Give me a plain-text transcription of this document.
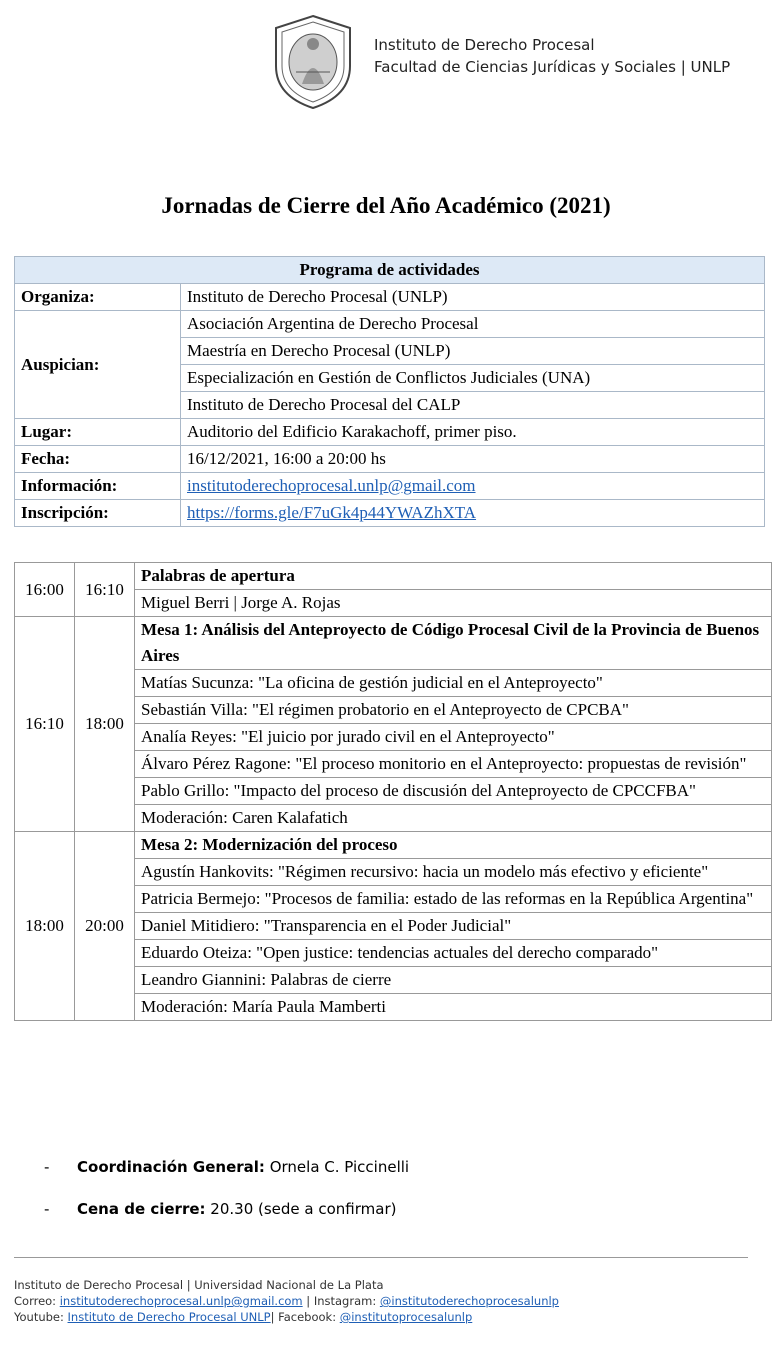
Instituto de Derecho Procesal
Facultad de Ciencias Jurídicas y Sociales | UNLP
Jornadas de Cierre del Año Académico (2021)
Programa de actividades	
Organiza:	Instituto de Derecho Procesal (UNLP)
Auspician:	Asociación Argentina de Derecho Procesal
	Maestría en Derecho Procesal (UNLP)
	Especialización en Gestión de Conflictos Judiciales (UNA)
	Instituto de Derecho Procesal del CALP
Lugar:	Auditorio del Edificio Karakachoff, primer piso.
Fecha:	16/12/2021, 16:00 a 20:00 hs
Información:	institutoderechoprocesal.unlp@gmail.com
Inscripción:	https://forms.gle/F7uGk4p44YWAZhXTA
16:00	16:10	Palabras de apertura
		Miguel Berri | Jorge A. Rojas
16:10	18:00	Mesa 1: Análisis del Anteproyecto de Código Procesal Civil de la Provincia de Buenos Aires
		Matías Sucunza: "La oficina de gestión judicial en el Anteproyecto"
		Sebastián Villa: "El régimen probatorio en el Anteproyecto de CPCBA"
		Analía Reyes: "El juicio por jurado civil en el Anteproyecto"
		Álvaro Pérez Ragone: "El proceso monitorio en el Anteproyecto: propuestas de revisión"
		Pablo Grillo: "Impacto del proceso de discusión del Anteproyecto de CPCCFBA"
		Moderación: Caren Kalafatich
18:00	20:00	Mesa 2: Modernización del proceso
		Agustín Hankovits: "Régimen recursivo: hacia un modelo más efectivo y eficiente"
		Patricia Bermejo: "Procesos de familia: estado de las reformas en la República Argentina"
		Daniel Mitidiero: "Transparencia en el Poder Judicial"
		Eduardo Oteiza: "Open justice: tendencias actuales del derecho comparado"
		Leandro Giannini: Palabras de cierre
		Moderación: María Paula Mamberti
- Coordinación General: Ornela C. Piccinelli
- Cena de cierre: 20.30 (sede a confirmar)
Instituto de Derecho Procesal | Universidad Nacional de La Plata
Correo: institutoderechoprocesal.unlp@gmail.com | Instagram: @institutoderechoprocesalunlp
Youtube: Instituto de Derecho Procesal UNLP| Facebook: @institutoprocesalunlp
